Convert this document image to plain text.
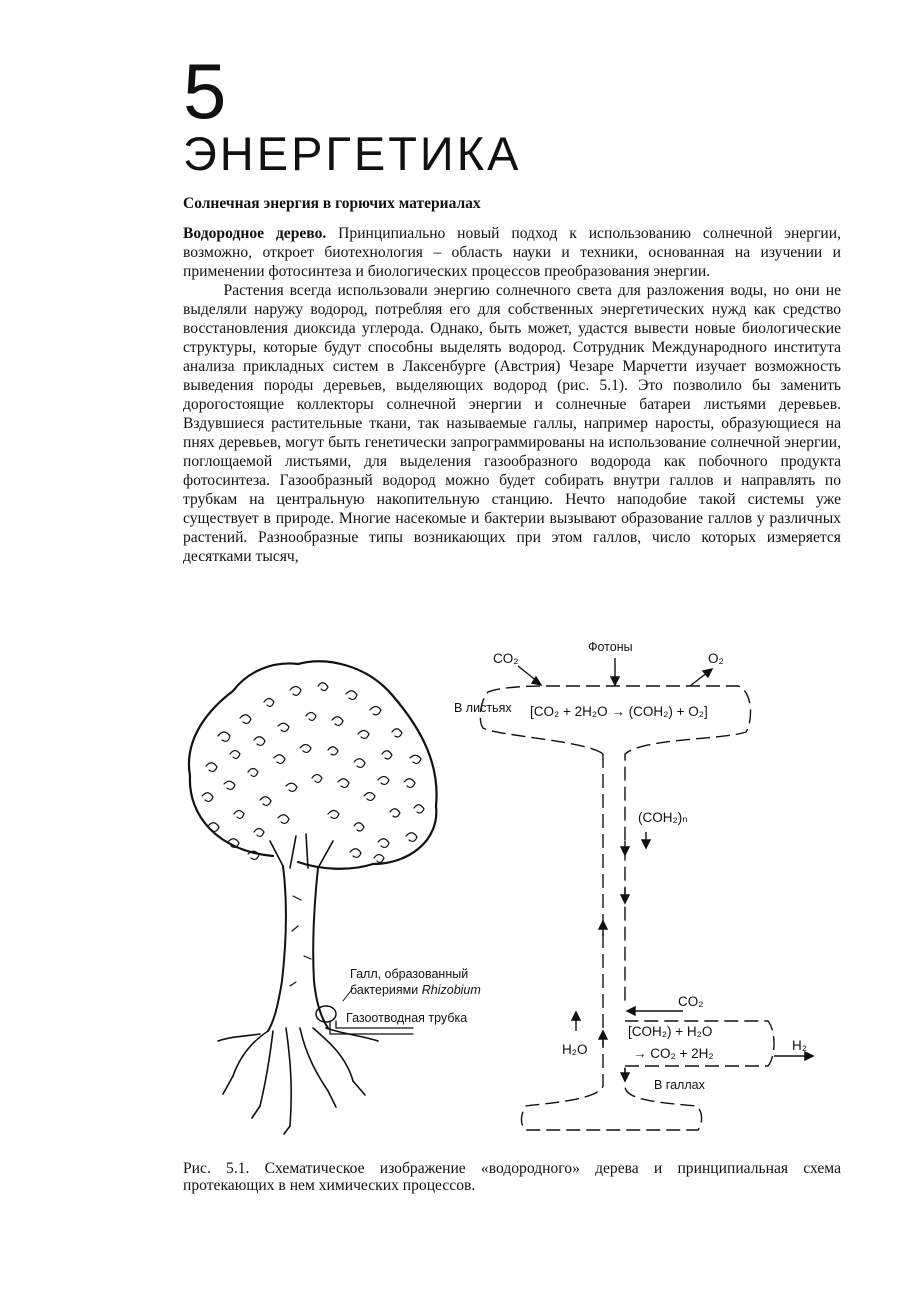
5
ЭНЕРГЕТИКА
Солнечная энергия в горючих материалах

Водородное дерево. Принципиально новый подход к использованию солнечной энергии, возможно, откроет биотехнология – область науки и техники, основанная на изучении и применении фотосинтеза и биологических процессов преобразования энергии.

Растения всегда использовали энергию солнечного света для разложения воды, но они не выделяли наружу водород, потребляя его для собственных энергетических нужд как средство восстановления диоксида углерода. Однако, быть может, удастся вывести новые биологические структуры, которые будут способны выделять водород. Сотрудник Международного института анализа прикладных систем в Лаксенбурге (Австрия) Чезаре Марчетти изучает возможность выведения породы деревьев, выделяющих водород (рис. 5.1). Это позволило бы заменить дорогостоящие коллекторы солнечной энергии и солнечные батареи листьями деревьев. Вздувшиеся растительные ткани, так называемые галлы, например наросты, образующиеся на пнях деревьев, могут быть генетически запрограммированы на использование солнечной энергии, поглощаемой листьями, для выделения газообразного водорода как побочного продукта фотосинтеза. Газообразный водород можно будет собирать внутри галлов и направлять по трубкам на центральную накопительную станцию. Нечто наподобие такой системы уже существует в природе. Многие насекомые и бактерии вызывают образование галлов у различных растений. Разнообразные типы возникающих при этом галлов, число которых измеряется десятками тысяч,

Галл, образованный
бактериями Rhizobium
Газоотводная трубка
CO₂
Фотоны
O₂
В листьях [CO₂ + 2H₂O → (COH₂) + O₂]
(COH₂)ₙ
CO₂
[COH₂) + H₂O
→ CO₂ + 2H₂
H₂O	H₂
В галлах

Рис. 5.1. Схематическое изображение «водородного» дерева и принципиальная схема протекающих в нем химических процессов.
